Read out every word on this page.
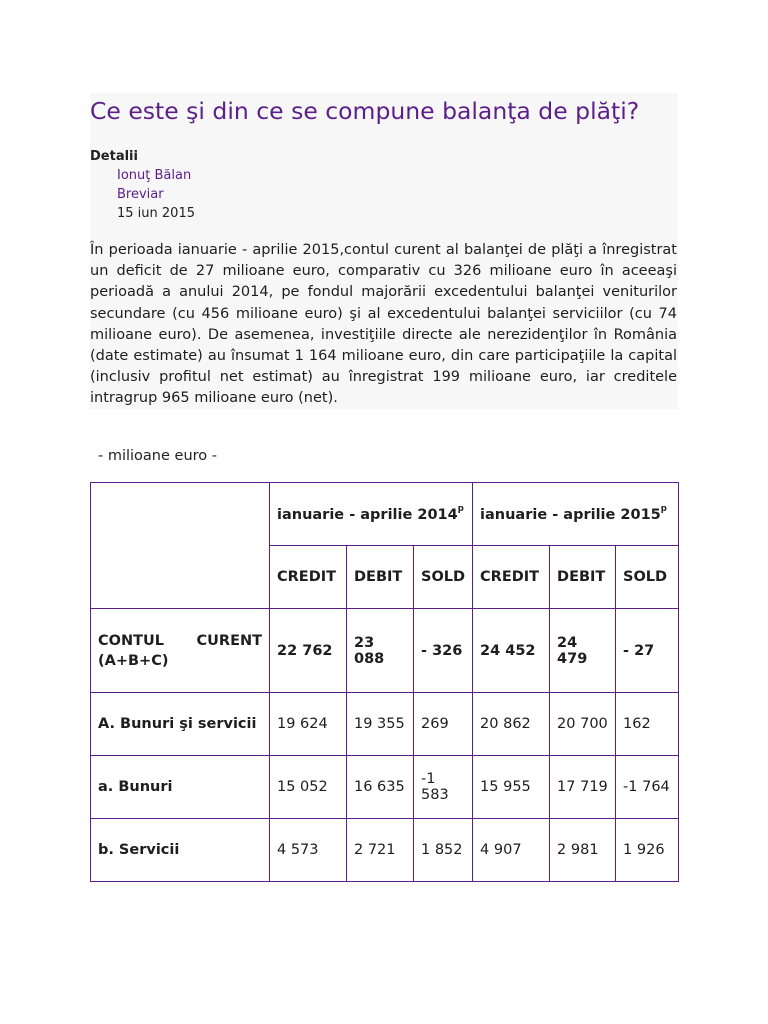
Ce este şi din ce se compune balanţa de plăţi?
Detalii
Ionuţ Bălan
Breviar
15 iun 2015

În perioada ianuarie - aprilie 2015,contul curent al balanţei de plăţi a înregistrat un deficit de 27 milioane euro, comparativ cu 326 milioane euro în aceeaşi perioadă a anului 2014, pe fondul majorării excedentului balanţei veniturilor secundare (cu 456 milioane euro) şi al excedentului balanţei serviciilor (cu 74 milioane euro). De asemenea, investiţiile directe ale nerezidenţilor în România (date estimate) au însumat 1 164 milioane euro, din care participaţiile la capital (inclusiv profitul net estimat) au înregistrat 199 milioane euro, iar creditele intragrup 965 milioane euro (net).

- milioane euro -
	ianuarie - aprilie 2014$^p$			ianuarie - aprilie 2015$^p$
	CREDIT	DEBIT	SOLD	CREDIT	DEBIT	SOLD

CONTUL CURENT
(A+B+C)	22 762	23 088	- 326	24 452	24 479	- 27
A. Bunuri şi servicii	19 624	19 355	269	20 862	20 700	162
a. Bunuri	15 052	16 635	-1 583	15 955	17 719	-1 764
b. Servicii	4 573	2 721	1 852	4 907	2 981	1 926
